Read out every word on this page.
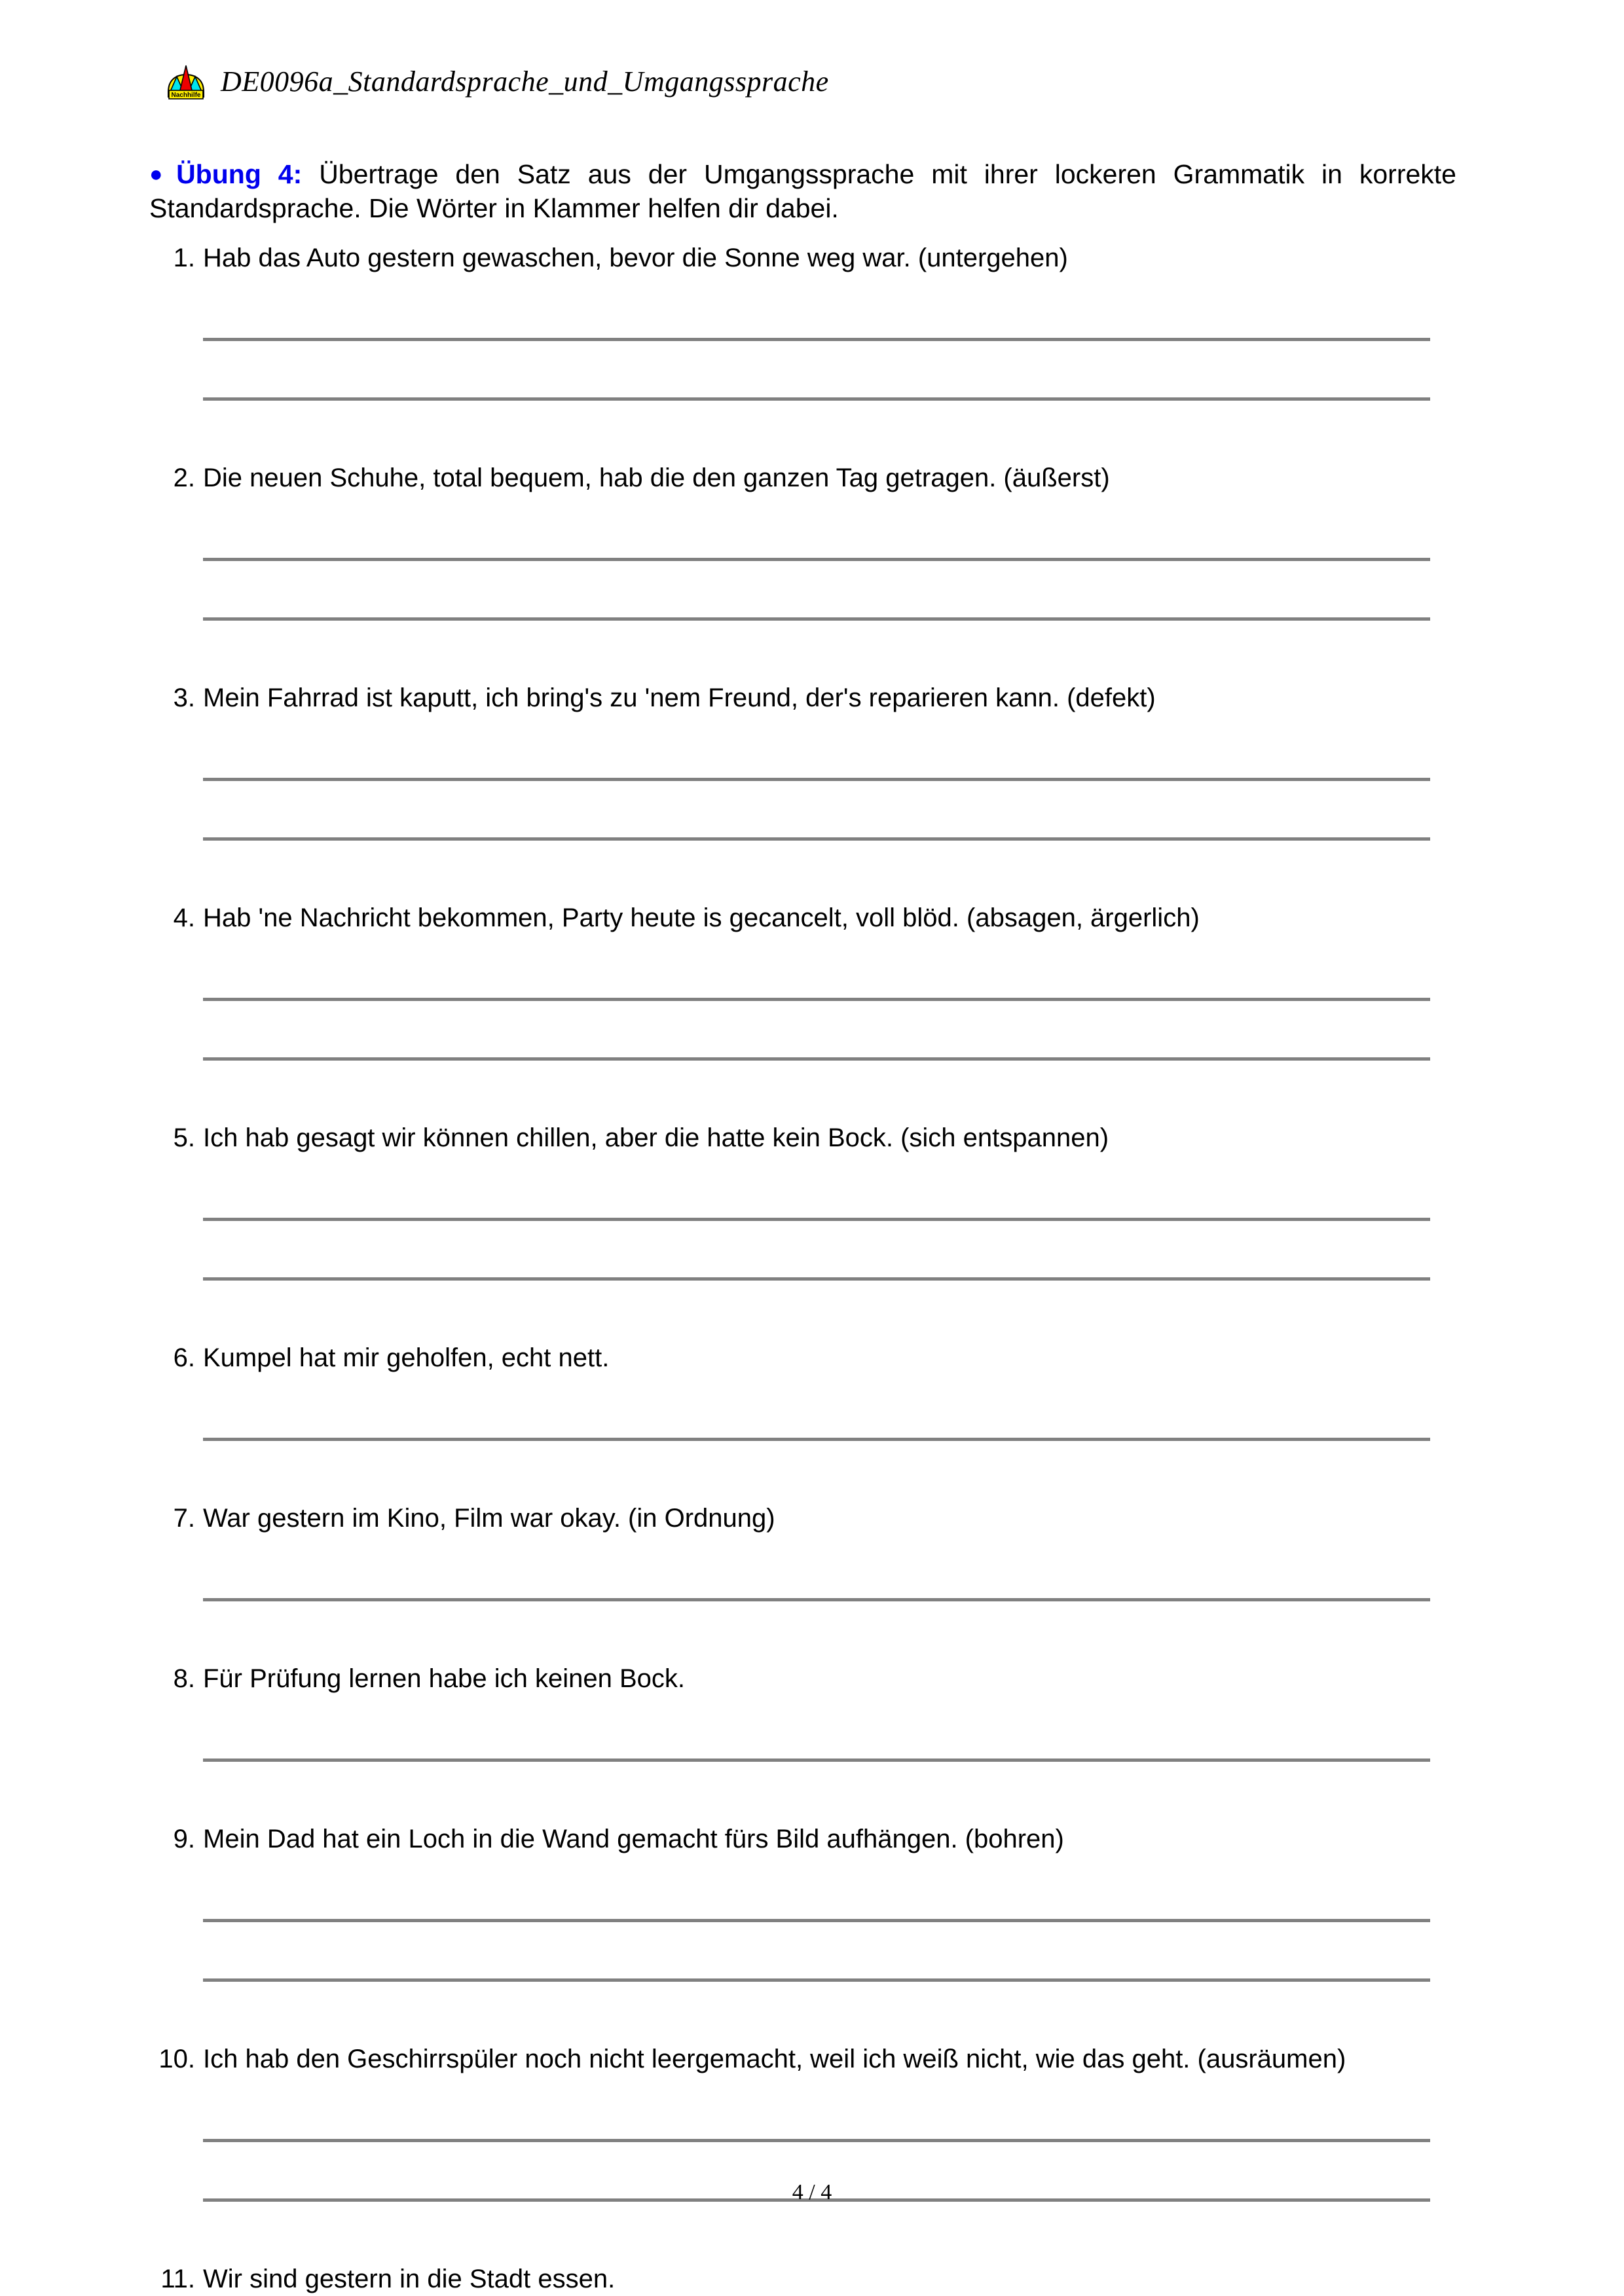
Nachhilfe DE0096a_Standardsprache_und_Umgangssprache

● Übung 4: Übertrage den Satz aus der Umgangssprache mit ihrer lockeren Grammatik in korrekte Standardsprache. Die Wörter in Klammer helfen dir dabei.

1. Hab das Auto gestern gewaschen, bevor die Sonne weg war. (untergehen)
2. Die neuen Schuhe, total bequem, hab die den ganzen Tag getragen. (äußerst)
3. Mein Fahrrad ist kaputt, ich bring's zu 'nem Freund, der's reparieren kann. (defekt)
4. Hab 'ne Nachricht bekommen, Party heute is gecancelt, voll blöd. (absagen, ärgerlich)
5. Ich hab gesagt wir können chillen, aber die hatte kein Bock. (sich entspannen)
6. Kumpel hat mir geholfen, echt nett.
7. War gestern im Kino, Film war okay. (in Ordnung)
8. Für Prüfung lernen habe ich keinen Bock.
9. Mein Dad hat ein Loch in die Wand gemacht fürs Bild aufhängen. (bohren)
10. Ich hab den Geschirrspüler noch nicht leergemacht, weil ich weiß nicht, wie das geht. (ausräumen)
11. Wir sind gestern in die Stadt essen.
4 / 4
